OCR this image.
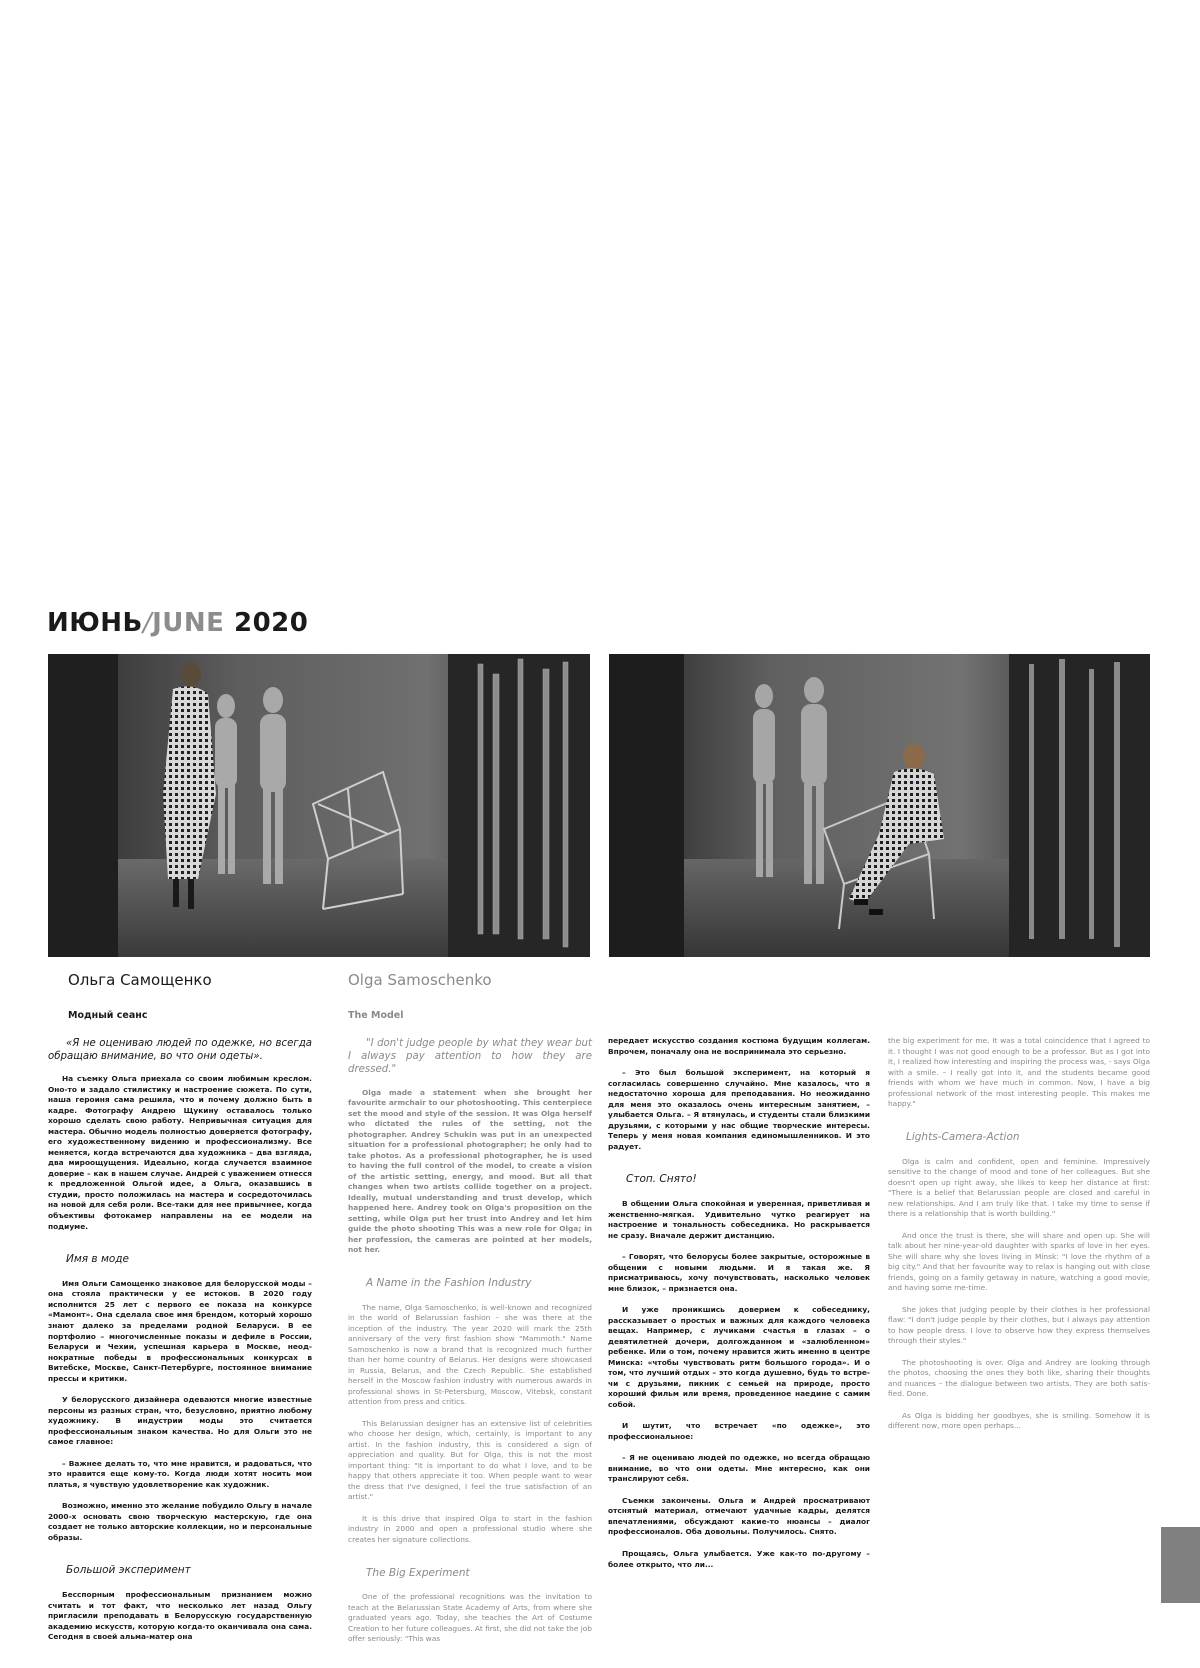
ИЮНЬ/JUNE 2020
Ольга Самощенко
Модный сеанс

«Я не оцениваю людей по одежке, но всегда обращаю внимание, во что они одеты».

На съемку Ольга приехала со своим любимым креслом. Оно-то и задало стилистику и настроение сюжета. По сути, наша героиня сама решила, что и почему должно быть в кадре. Фотографу Андрею Щукину оставалось только хорошо сделать свою работу. Непривычная ситуация для мастера. Обычно модель полностью доверяется фотографу, его художественному видению и профессионализму. Все меняется, когда встречаются два художника – два взгляда, два мироощущения. Идеально, когда случается взаимное доверие – как в нашем случае. Андрей с уважением отнесся к предложенной Ольгой идее, а Ольга, оказавшись в студии, просто положилась на мастера и сосредоточилась на новой для себя роли. Все-таки для нее привычнее, когда объективы фотокамер направлены на ее модели на подиуме.

Имя в моде

Имя Ольги Самощенко знаковое для белорусской моды – она стояла практически у ее истоков. В 2020 году исполнится 25 лет с первого ее показа на конкурсе «Мамонт». Она сделала свое имя брендом, который хорошо знают далеко за пределами родной Беларуси. В ее портфолио – многочисленные показы и дефиле в России, Беларуси и Чехии, успешная карьера в Москве, неоднократные победы в профессиональных конкурсах в Витебске, Москве, Санкт-Петербурге, постоянное внимание прессы и критики.

У белорусского дизайнера одеваются многие известные персоны из разных стран, что, безусловно, приятно любому художнику. В индустрии моды это считается профессиональным знаком качества. Но для Ольги это не самое главное:

– Важнее делать то, что мне нравится, и радоваться, что это нравится еще кому-то. Когда люди хотят носить мои платья, я чувствую удовлетворение как художник.

Возможно, именно это желание побудило Ольгу в начале 2000-х основать свою творческую мастерскую, где она создает не только авторские коллекции, но и персональные образы.

Большой эксперимент

Бесспорным профессиональным признанием можно считать и тот факт, что несколько лет назад Ольгу пригласили преподавать в Белорусскую государственную академию искусств, которую когда-то оканчивала она сама. Сегодня в своей альма-матер она

Olga Samoschenko
The Model

"I don't judge people by what they wear but I always pay attention to how they are dressed."

Olga made a statement when she brought her favourite armchair to our photoshooting. This centerpiece set the mood and style of the session. It was Olga herself who dictated the rules of the setting, not the photographer. Andrey Schukin was put in an unexpected situation for a professional photographer; he only had to take photos. As a professional photographer, he is used to having the full control of the model, to create a vision of the artistic setting, energy, and mood. But all that changes when two artists collide together on a project. Ideally, mutual understanding and trust develop, which happened here. Andrey took on Olga's proposition on the setting, while Olga put her trust into Andrey and let him guide the photo shooting This was a new role for Olga; in her profession, the cameras are pointed at her models, not her.

A Name in the Fashion Industry

The name, Olga Samoschenko, is well-known and recognized in the world of Belarussian fashion – she was there at the inception of the industry. The year 2020 will mark the 25th anniversary of the very first fashion show "Mammoth." Name Samoschenko is now a brand that is recognized much further than her home country of Belarus. Her designs were showcased in Russia, Belarus, and the Czech Republic. She established herself in the Moscow fashion industry with numerous awards in professional shows in St-Petersburg, Moscow, Vitebsk, constant attention from press and critics.

This Belarussian designer has an extensive list of celebrities who choose her design, which, certainly, is important to any artist. In the fashion industry, this is considered a sign of appreciation and quality. But for Olga, this is not the most important thing: "It is important to do what I love, and to be happy that others appreciate it too. When people want to wear the dress that I've designed, I feel the true satisfaction of an artist."

It is this drive that inspired Olga to start in the fashion industry in 2000 and open a professional studio where she creates her signature collections.

The Big Experiment

One of the professional recognitions was the invitation to teach at the Belarussian State Academy of Arts, from where she graduated years ago. Today, she teaches the Art of Costume Creation to her future colleagues. At first, she did not take the job offer seriously: "This was

передает искусство создания костюма будущим коллегам. Впрочем, поначалу она не воспринимала это серьезно.

– Это был большой эксперимент, на который я согласилась совершенно случайно. Мне казалось, что я недостаточно хороша для преподавания. Но неожиданно для меня это оказалось очень интересным занятием, – улыбается Ольга. – Я втянулась, и студенты стали близкими друзьями, с которыми у нас общие творческие интересы. Теперь у меня новая компания единомышленников. И это радует.

Стоп. Снято!

В общении Ольга спокойная и уверенная, приветливая и женственно-мягкая. Удивительно чутко реагирует на настроение и тональность собеседника. Но раскрывается не сразу. Вначале держит дистанцию.

– Говорят, что белорусы более закрытые, осторожные в общении с новыми людьми. И я такая же. Я присматриваюсь, хочу почувствовать, насколько человек мне близок, – признается она.

И уже проникшись доверием к собеседнику, рассказывает о простых и важных для каждого человека вещах. Например, с лучиками счастья в глазах – о девятилетней дочери, долгожданном и «залюбленном» ребенке. Или о том, почему нравится жить именно в центре Минска: «чтобы чувствовать ритм большого города». И о том, что лучший отдых – это когда душевно, будь то встречи с друзьями, пикник с семьей на природе, просто хороший фильм или время, проведенное наедине с самим собой.

И шутит, что встречает «по одежке», это профессиональное:

– Я не оцениваю людей по одежке, но всегда обращаю внимание, во что они одеты. Мне интересно, как они транслируют себя.

Съемки закончены. Ольга и Андрей просматривают отснятый материал, отмечают удачные кадры, делятся впечатлениями, обсуждают какие-то нюансы – диалог профессионалов. Оба довольны. Получилось. Снято.

Прощаясь, Ольга улыбается. Уже как-то по-другому – более открыто, что ли...

the big experiment for me. It was a total coincidence that I agreed to it. I thought I was not good enough to be a professor. But as I got into it, I realized how interesting and inspiring the process was, - says Olga with a smile. – I really got into it, and the students became good friends with whom we have much in common. Now, I have a big professional network of the most interesting people. This makes me happy."

Lights-Camera-Action

Olga is calm and confident, open and feminine. Impressively sensitive to the change of mood and tone of her colleagues. But she doesn't open up right away, she likes to keep her distance at first: "There is a belief that Belarussian people are closed and careful in new relationships. And I am truly like that. I take my time to sense if there is a relationship that is worth building."

And once the trust is there, she will share and open up. She will talk about her nine-year-old daughter with sparks of love in her eyes. She will share why she loves living in Minsk: "I love the rhythm of a big city." And that her favourite way to relax is hanging out with close friends, going on a family getaway in nature, watching a good movie, and having some me-time.

She jokes that judging people by their clothes is her professional flaw: "I don't judge people by their clothes, but I always pay attention to how people dress. I love to observe how they express themselves through their styles."

The photoshooting is over. Olga and Andrey are looking through the photos, choosing the ones they both like, sharing their thoughts and nuances – the dialogue between two artists. They are both satisfied. Done.

As Olga is bidding her goodbyes, she is smiling. Somehow it is different now, more open perhaps...
